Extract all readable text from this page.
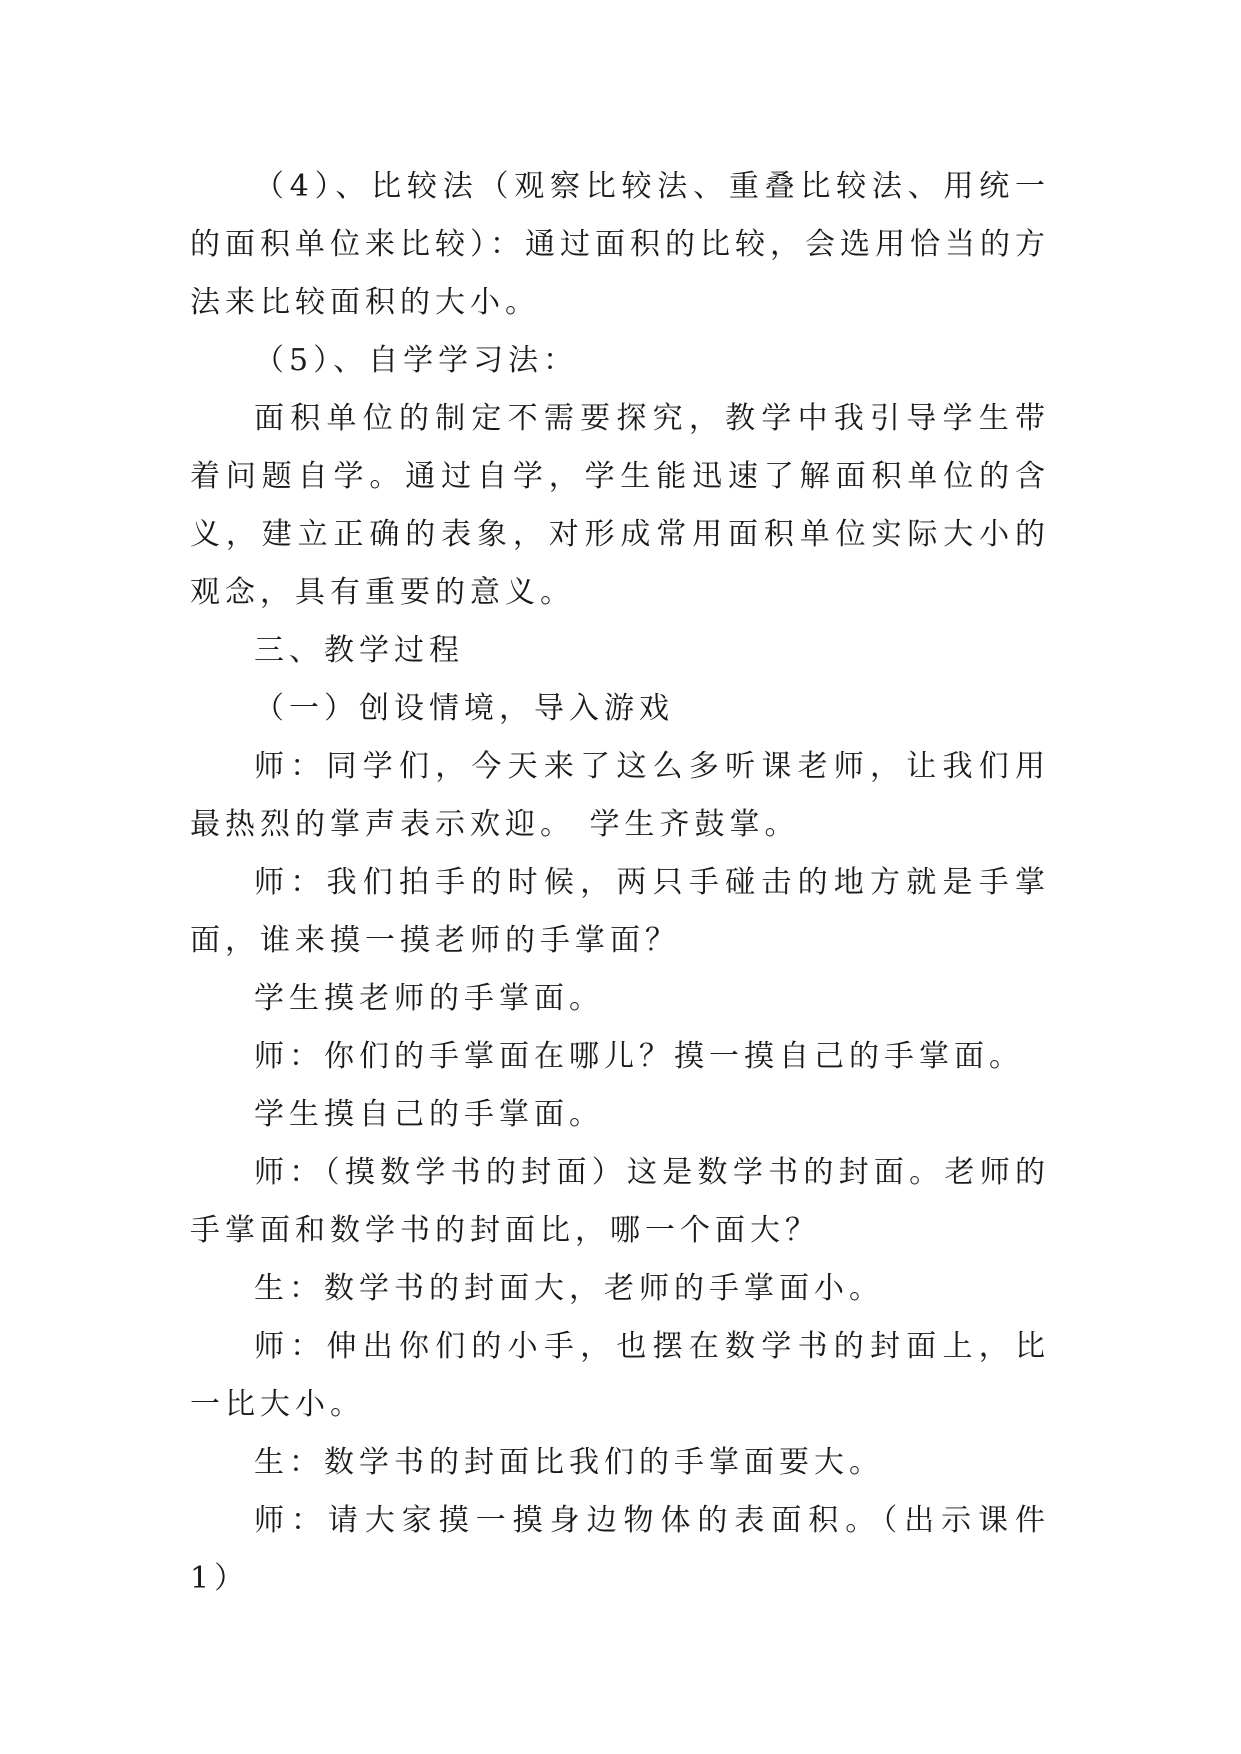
（4）、比较法（观察比较法、重叠比较法、用统一的面积单位来比较）：通过面积的比较，会选用恰当的方法来比较面积的大小。

（5）、自学学习法：

面积单位的制定不需要探究，教学中我引导学生带着问题自学。通过自学，学生能迅速了解面积单位的含义，建立正确的表象，对形成常用面积单位实际大小的观念，具有重要的意义。

三、教学过程

（一）创设情境，导入游戏

师：同学们，今天来了这么多听课老师，让我们用最热烈的掌声表示欢迎。 学生齐鼓掌。

师：我们拍手的时候，两只手碰击的地方就是手掌面，谁来摸一摸老师的手掌面？

学生摸老师的手掌面。

师：你们的手掌面在哪儿？摸一摸自己的手掌面。

学生摸自己的手掌面。

师：（摸数学书的封面）这是数学书的封面。老师的手掌面和数学书的封面比，哪一个面大？

生：数学书的封面大，老师的手掌面小。

师：伸出你们的小手，也摆在数学书的封面上，比一比大小。

生：数学书的封面比我们的手掌面要大。

师：请大家摸一摸身边物体的表面积。（出示课件1）
